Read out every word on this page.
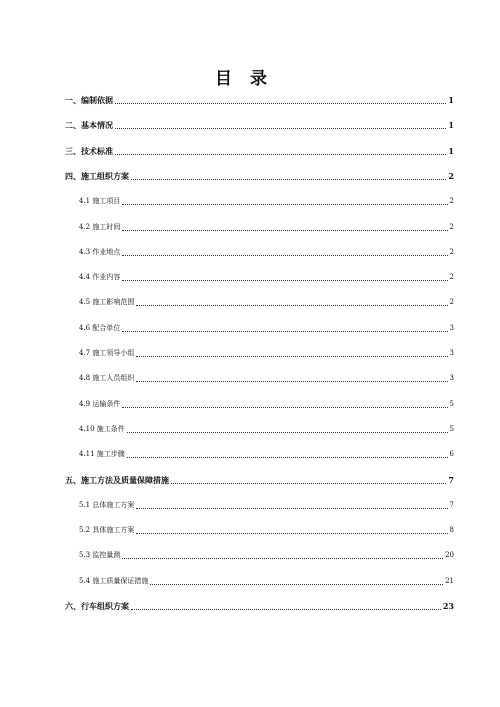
目录
一、编制依据	1
二、基本情况	1
三、技术标准	1
四、施工组织方案	2
4.1 施工项目	2
4.2 施工时间	2
4.3 作业地点	2
4.4 作业内容	2
4.5 施工影响范围	2
4.6 配合单位	3
4.7 施工领导小组	3
4.8 施工人员组织	3
4.9 运输条件	5
4.10 施工条件	5
4.11 施工步骤	6
五、施工方法及质量保障措施	7
5.1 总体施工方案	7
5.2 具体施工方案	8
5.3 监控量测	20
5.4 施工质量保证措施	21
六、行车组织方案	23
